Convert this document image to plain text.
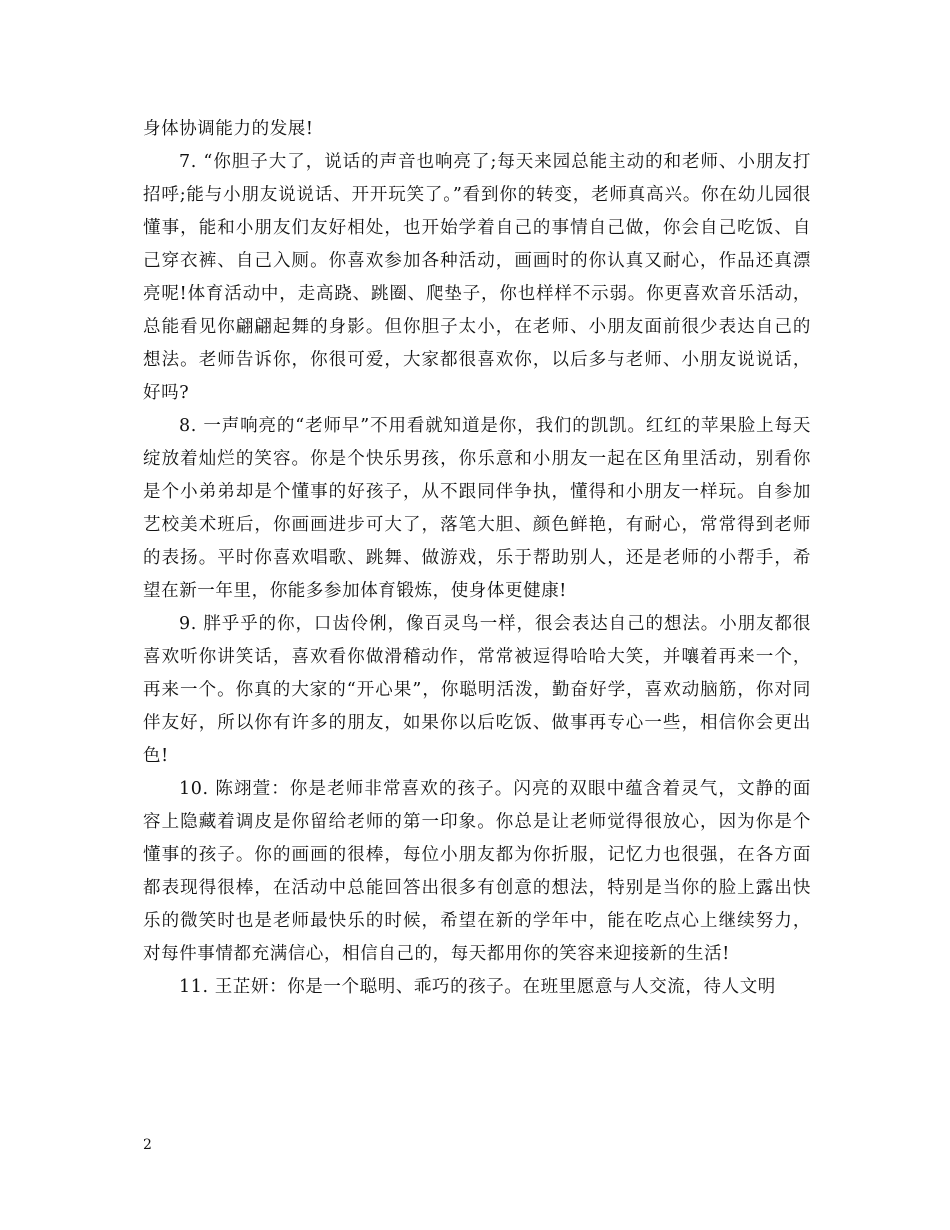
身体协调能力的发展!

7. “你胆子大了，说话的声音也响亮了;每天来园总能主动的和老师、小朋友打招呼;能与小朋友说说话、开开玩笑了。”看到你的转变，老师真高兴。你在幼儿园很懂事，能和小朋友们友好相处，也开始学着自己的事情自己做，你会自己吃饭、自己穿衣裤、自己入厕。你喜欢参加各种活动，画画时的你认真又耐心，作品还真漂亮呢!体育活动中，走高跷、跳圈、爬垫子，你也样样不示弱。你更喜欢音乐活动，总能看见你翩翩起舞的身影。但你胆子太小，在老师、小朋友面前很少表达自己的想法。老师告诉你，你很可爱，大家都很喜欢你，以后多与老师、小朋友说说话，好吗?

8. 一声响亮的“老师早”不用看就知道是你，我们的凯凯。红红的苹果脸上每天绽放着灿烂的笑容。你是个快乐男孩，你乐意和小朋友一起在区角里活动，别看你是个小弟弟却是个懂事的好孩子，从不跟同伴争执，懂得和小朋友一样玩。自参加艺校美术班后，你画画进步可大了，落笔大胆、颜色鲜艳，有耐心，常常得到老师的表扬。平时你喜欢唱歌、跳舞、做游戏，乐于帮助别人，还是老师的小帮手，希望在新一年里，你能多参加体育锻炼，使身体更健康!

9. 胖乎乎的你，口齿伶俐，像百灵鸟一样，很会表达自己的想法。小朋友都很喜欢听你讲笑话，喜欢看你做滑稽动作，常常被逗得哈哈大笑，并嚷着再来一个，再来一个。你真的大家的“开心果”，你聪明活泼，勤奋好学，喜欢动脑筋，你对同伴友好，所以你有许多的朋友，如果你以后吃饭、做事再专心一些，相信你会更出色!

10. 陈翊萱：你是老师非常喜欢的孩子。闪亮的双眼中蕴含着灵气，文静的面容上隐藏着调皮是你留给老师的第一印象。你总是让老师觉得很放心，因为你是个懂事的孩子。你的画画的很棒，每位小朋友都为你折服，记忆力也很强，在各方面都表现得很棒，在活动中总能回答出很多有创意的想法，特别是当你的脸上露出快乐的微笑时也是老师最快乐的时候，希望在新的学年中，能在吃点心上继续努力，对每件事情都充满信心，相信自己的，每天都用你的笑容来迎接新的生活!

11. 王芷妍：你是一个聪明、乖巧的孩子。在班里愿意与人交流，待人文明

2
